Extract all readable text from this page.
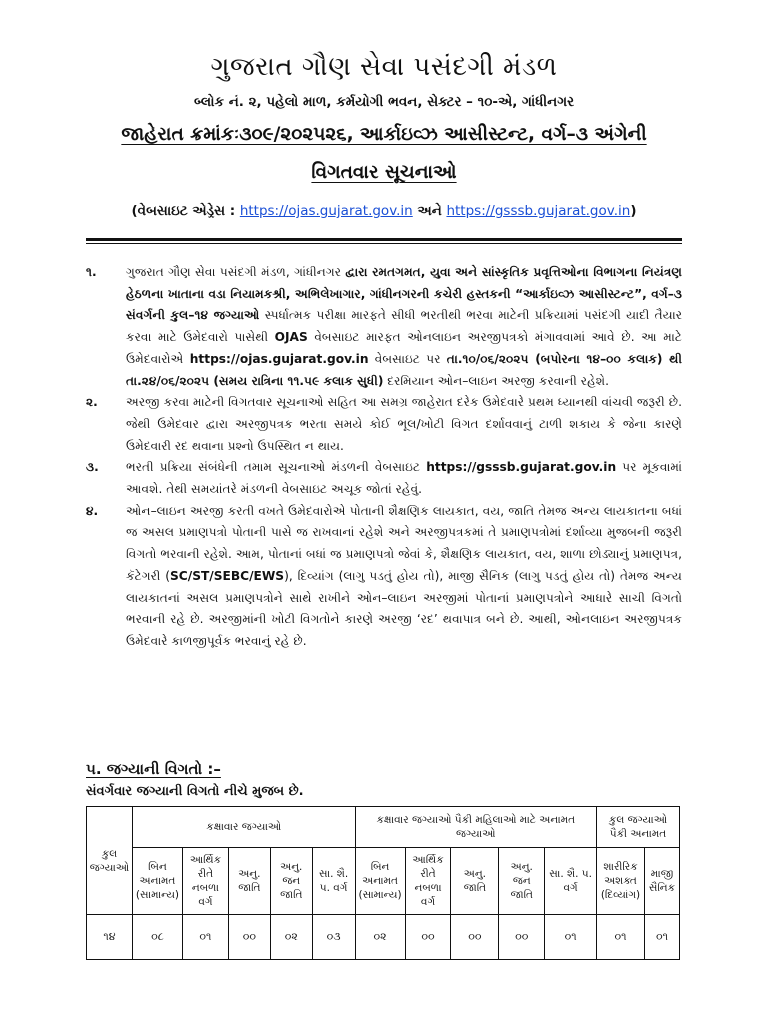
ગુજરાત ગૌણ સેવા પસંદગી મંડળ
બ્લોક નં. ૨, પહેલો માળ, કર્મયોગી ભવન, સેક્ટર – ૧૦-એ, ગાંધીનગર
જાહેરાત ક્રમાંકઃ૩૦૯/૨૦૨૫૨૬, આર્કાઇવ્ઝ આસીસ્ટન્ટ, વર્ગ–૩ અંગેની
વિગતવાર સૂચનાઓ
(વેબસાઇટ એડ્રેસ : https://ojas.gujarat.gov.in અને https://gsssb.gujarat.gov.in)
૧. ગુજરાત ગૌણ સેવા પસંદગી મંડળ, ગાંધીનગર દ્વારા રમતગમત, યુવા અને સાંસ્કૃતિક પ્રવૃત્તિઓના વિભાગના નિયંત્રણ હેઠળના ખાતાના વડા નિયામકશ્રી, અભિલેખાગાર, ગાંધીનગરની કચેરી હસ્તકની “આર્કાઇવ્ઝ આસીસ્ટન્ટ”, વર્ગ–૩ સંવર્ગની કુલ–૧૪ જગ્યાઓ સ્પર્ધાત્મક પરીક્ષા મારફતે સીધી ભરતીથી ભરવા માટેની પ્રક્રિયામાં પસંદગી યાદી તૈયાર કરવા માટે ઉમેદવારો પાસેથી OJAS વેબસાઇટ મારફત ઓનલાઇન અરજીપત્રકો મંગાવવામાં આવે છે. આ માટે ઉમેદવારોએ https://ojas.gujarat.gov.in વેબસાઇટ પર તા.૧૦/૦૬/૨૦૨૫ (બપોરના ૧૪–૦૦ કલાક) થી તા.૨૪/૦૬/૨૦૨૫ (સમય રાત્રિના ૧૧.૫૯ કલાક સુધી) દરમિયાન ઓન–લાઇન અરજી કરવાની રહેશે.
૨. અરજી કરવા માટેની વિગતવાર સૂચનાઓ સહિત આ સમગ્ર જાહેરાત દરેક ઉમેદવારે પ્રથમ ધ્યાનથી વાંચવી જરૂરી છે. જેથી ઉમેદવાર દ્વારા અરજીપત્રક ભરતા સમયે કોઈ ભૂલ/ખોટી વિગત દર્શાવવાનું ટાળી શકાય કે જેના કારણે ઉમેદવારી રદ થવાના પ્રશ્નો ઉપસ્થિત ન થાય.
૩. ભરતી પ્રક્રિયા સંબંધેની તમામ સૂચનાઓ મંડળની વેબસાઇટ https://gsssb.gujarat.gov.in પર મૂકવામાં આવશે. તેથી સમયાંતરે મંડળની વેબસાઇટ અચૂક જોતાં રહેવું.
૪. ઓન–લાઇન અરજી કરતી વખતે ઉમેદવારોએ પોતાની શૈક્ષણિક લાયકાત, વય, જાતિ તેમજ અન્ય લાયકાતના બધાં જ અસલ પ્રમાણપત્રો પોતાની પાસે જ રાખવાનાં રહેશે અને અરજીપત્રકમાં તે પ્રમાણપત્રોમાં દર્શાવ્યા મુજબની જરૂરી વિગતો ભરવાની રહેશે. આમ, પોતાનાં બધાં જ પ્રમાણપત્રો જેવાં કે, શૈક્ષણિક લાયકાત, વય, શાળા છોડ્યાનું પ્રમાણપત્ર, કૅટેગરી (SC/ST/SEBC/EWS), દિવ્યાંગ (લાગુ પડતું હોય તો), માજી સૈનિક (લાગુ પડતું હોય તો) તેમજ અન્ય લાયકાતનાં અસલ પ્રમાણપત્રોને સાથે રાખીને ઓન–લાઇન અરજીમાં પોતાનાં પ્રમાણપત્રોને આધારે સાચી વિગતો ભરવાની રહે છે. અરજીમાંની ખોટી વિગતોને કારણે અરજી ‘રદ’ થવાપાત્ર બને છે. આથી, ઓનલાઇન અરજીપત્રક ઉમેદવારે કાળજીપૂર્વક ભરવાનું રહે છે.
૫. જગ્યાની વિગતો :–
સંવર્ગવાર જગ્યાની વિગતો નીચે મુજબ છે.
કુલ જગ્યાઓ	કક્ષાવાર જગ્યાઓ					કક્ષાવાર જગ્યાઓ પૈકી મહિલાઓ માટે અનામત જગ્યાઓ					કુલ જગ્યાઓ પૈકી અનામત	
	બિન અનામત (સામાન્ય)	આર્થિક રીતે નબળા વર્ગ	અનુ. જાતિ	અનુ. જન જાતિ	સા. શૈ. પ. વર્ગ	બિન અનામત (સામાન્ય)	આર્થિક રીતે નબળા વર્ગ	અનુ. જાતિ	અનુ. જન જાતિ	સા. શૈ. પ. વર્ગ	શારીરિક અશક્ત (દિવ્યાંગ)	માજી સૈનિક
૧૪	૦૮	૦૧	૦૦	૦૨	૦૩	૦૨	૦૦	૦૦	૦૦	૦૧	૦૧	૦૧
